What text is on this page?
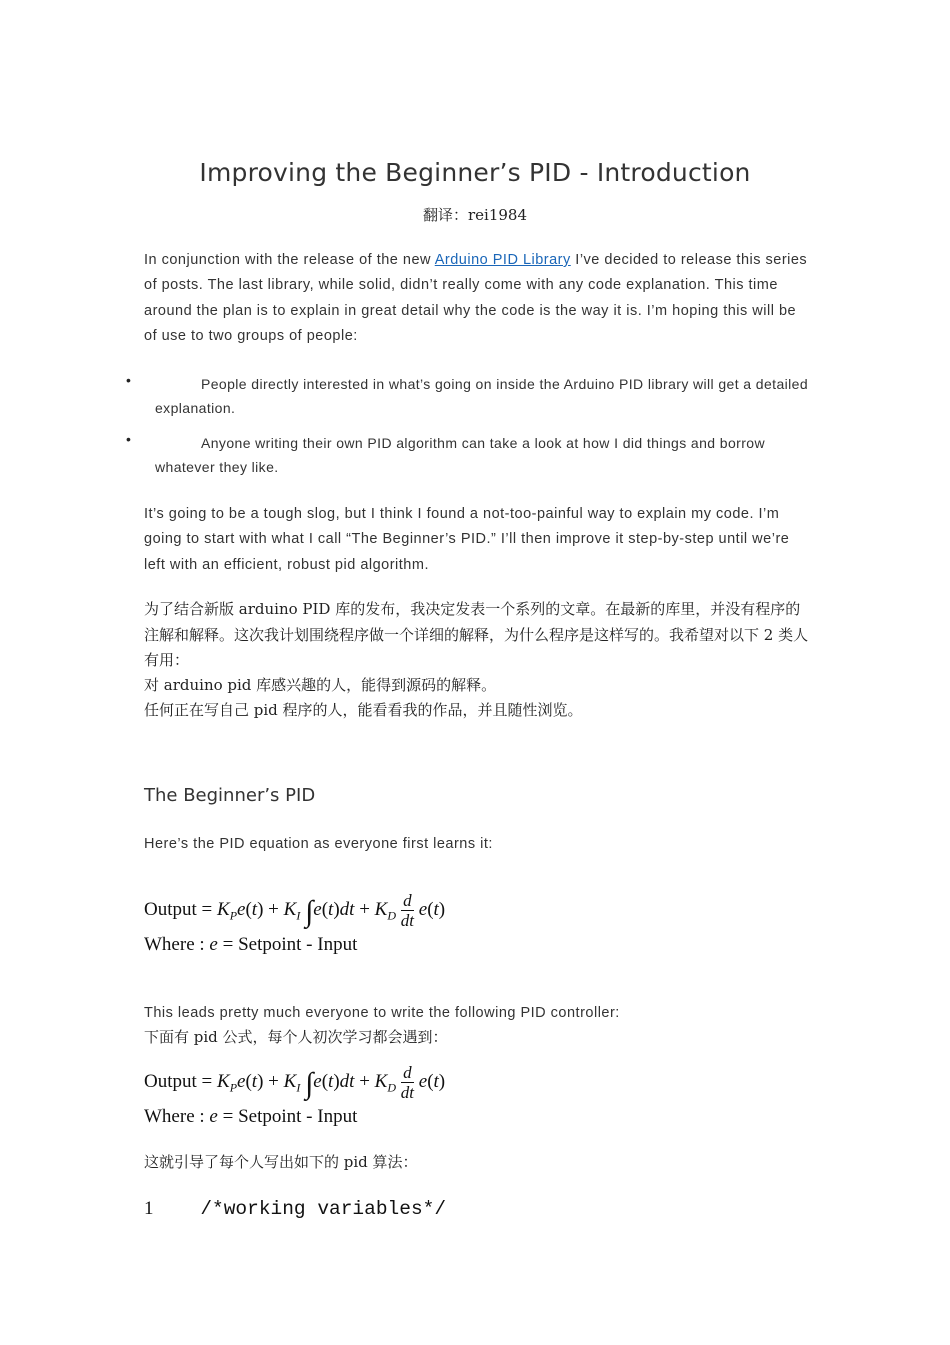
Improving the Beginner’s PID - Introduction
翻译：rei1984
In conjunction with the release of the new Arduino PID Library I’ve decided to release this series of posts. The last library, while solid, didn’t really come with any code explanation. This time around the plan is to explain in great detail why the code is the way it is. I’m hoping this will be of use to two groups of people:
•	People directly interested in what’s going on inside the Arduino PID library will get a detailed explanation.
•	Anyone writing their own PID algorithm can take a look at how I did things and borrow whatever they like.
It’s going to be a tough slog, but I think I found a not-too-painful way to explain my code. I’m going to start with what I call “The Beginner’s PID.” I’ll then improve it step-by-step until we’re left with an efficient, robust pid algorithm.
为了结合新版 arduino PID 库的发布，我决定发表一个系列的文章。在最新的库里，并没有程序的注解和解释。这次我计划围绕程序做一个详细的解释，为什么程序是这样写的。我希望对以下 2 类人有用：
对 arduino pid 库感兴趣的人，能得到源码的解释。
任何正在写自己 pid 程序的人，能看看我的作品，并且随性浏览。
The Beginner’s PID
Here’s the PID equation as everyone first learns it:
Output = $K_Pe(t) + K_I$ $\int e(t)dt + K_D \frac{d}{dt} e(t)$
Where : e = Setpoint - Input
This leads pretty much everyone to write the following PID controller:
下面有 pid 公式，每个人初次学习都会遇到：
Output = $K_Pe(t) + K_I$ $\int e(t)dt + K_D \frac{d}{dt} e(t)$
Where : e = Setpoint - Input
这就引导了每个人写出如下的 pid 算法：
1 /*working variables*/
